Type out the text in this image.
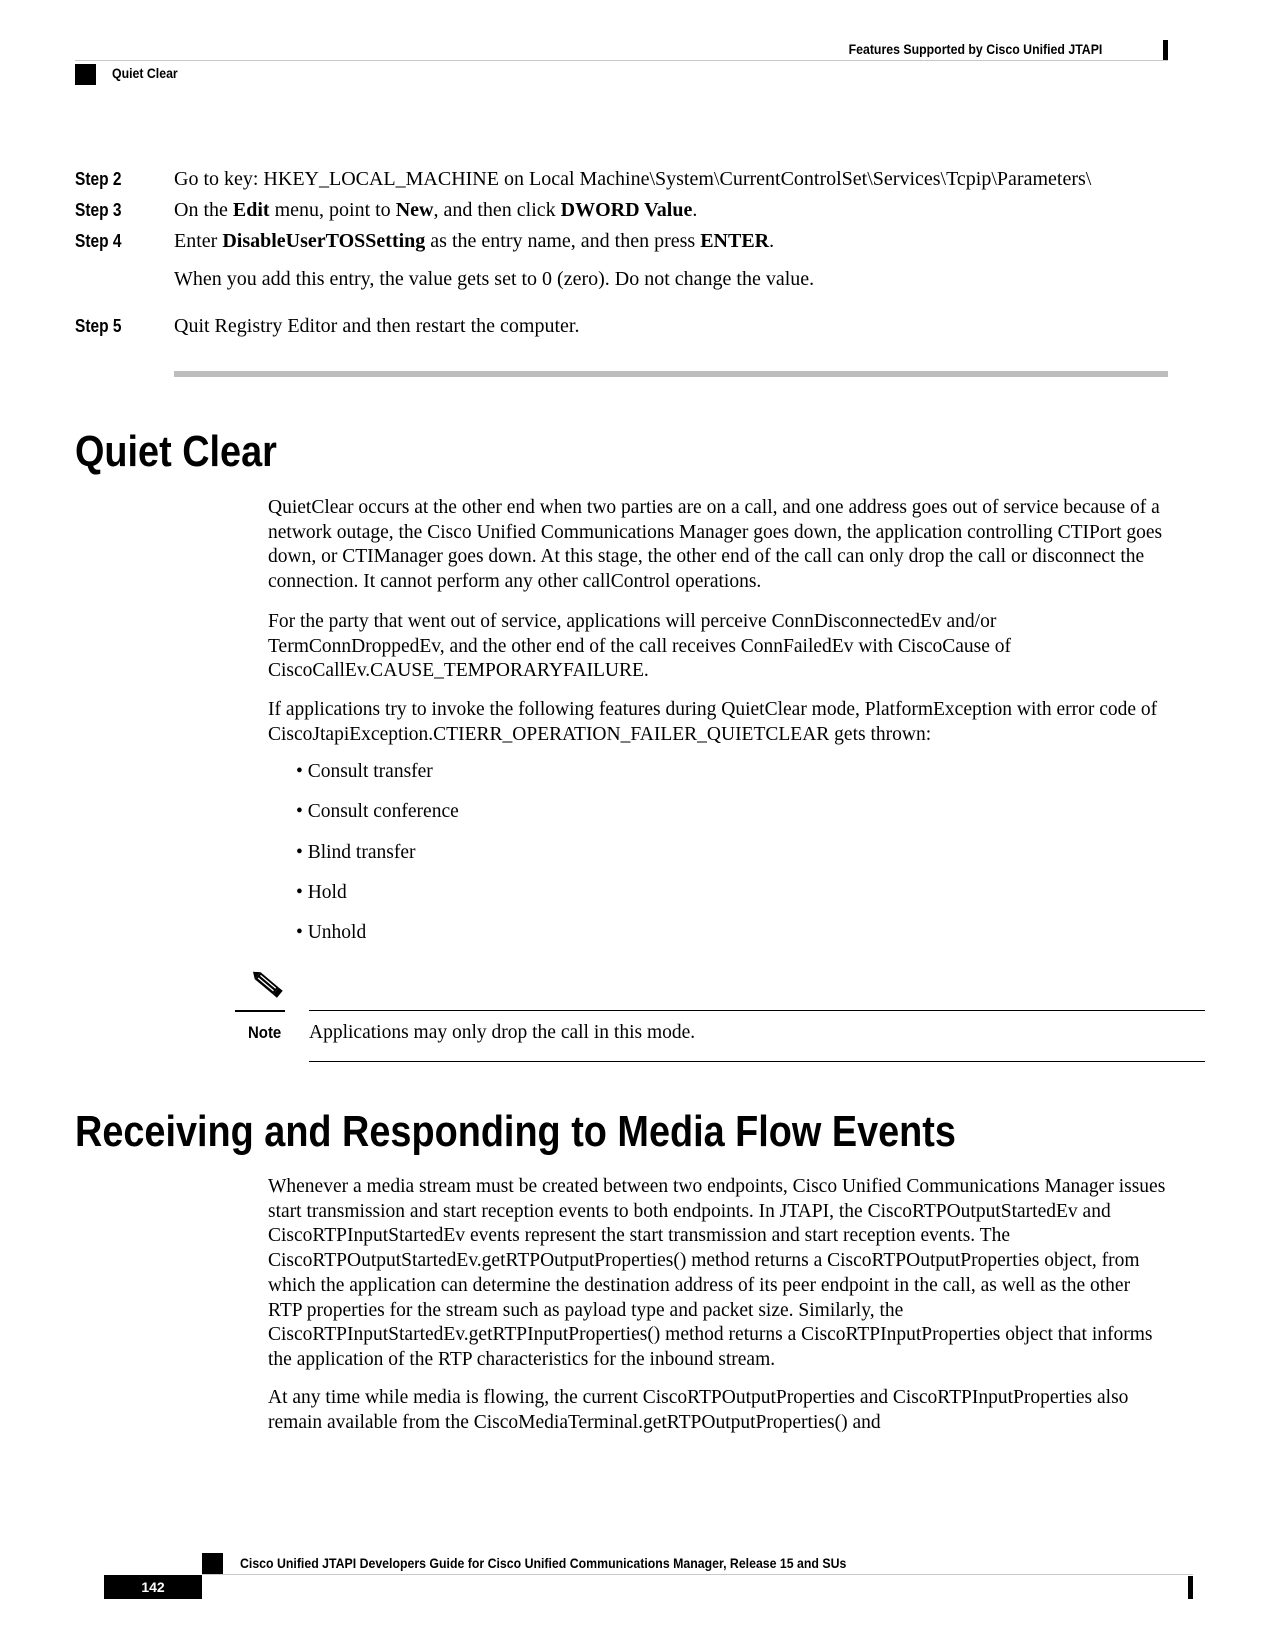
Features Supported by Cisco Unified JTAPI
Quiet Clear
Step 2	Go to key: HKEY_LOCAL_MACHINE on Local Machine\System\CurrentControlSet\Services\Tcpip\Parameters\
Step 3	On the Edit menu, point to New, and then click DWORD Value.
Step 4	Enter DisableUserTOSSetting as the entry name, and then press ENTER.
When you add this entry, the value gets set to 0 (zero). Do not change the value.
Step 5	Quit Registry Editor and then restart the computer.
Quiet Clear

QuietClear occurs at the other end when two parties are on a call, and one address goes out of service because of a network outage, the Cisco Unified Communications Manager goes down, the application controlling CTIPort goes down, or CTIManager goes down. At this stage, the other end of the call can only drop the call or disconnect the connection. It cannot perform any other callControl operations.

For the party that went out of service, applications will perceive ConnDisconnectedEv and/or TermConnDroppedEv, and the other end of the call receives ConnFailedEv with CiscoCause of CiscoCallEv.CAUSE_TEMPORARYFAILURE.

If applications try to invoke the following features during QuietClear mode, PlatformException with error code of CiscoJtapiException.CTIERR_OPERATION_FAILER_QUIETCLEAR gets thrown:

• Consult transfer
• Consult conference
• Blind transfer
• Hold
• Unhold
Note Applications may only drop the call in this mode.
Receiving and Responding to Media Flow Events

Whenever a media stream must be created between two endpoints, Cisco Unified Communications Manager issues start transmission and start reception events to both endpoints. In JTAPI, the CiscoRTPOutputStartedEv and CiscoRTPInputStartedEv events represent the start transmission and start reception events. The CiscoRTPOutputStartedEv.getRTPOutputProperties() method returns a CiscoRTPOutputProperties object, from which the application can determine the destination address of its peer endpoint in the call, as well as the other RTP properties for the stream such as payload type and packet size. Similarly, the CiscoRTPInputStartedEv.getRTPInputProperties() method returns a CiscoRTPInputProperties object that informs the application of the RTP characteristics for the inbound stream.

At any time while media is flowing, the current CiscoRTPOutputProperties and CiscoRTPInputProperties also remain available from the CiscoMediaTerminal.getRTPOutputProperties() and

Cisco Unified JTAPI Developers Guide for Cisco Unified Communications Manager, Release 15 and SUs
142
